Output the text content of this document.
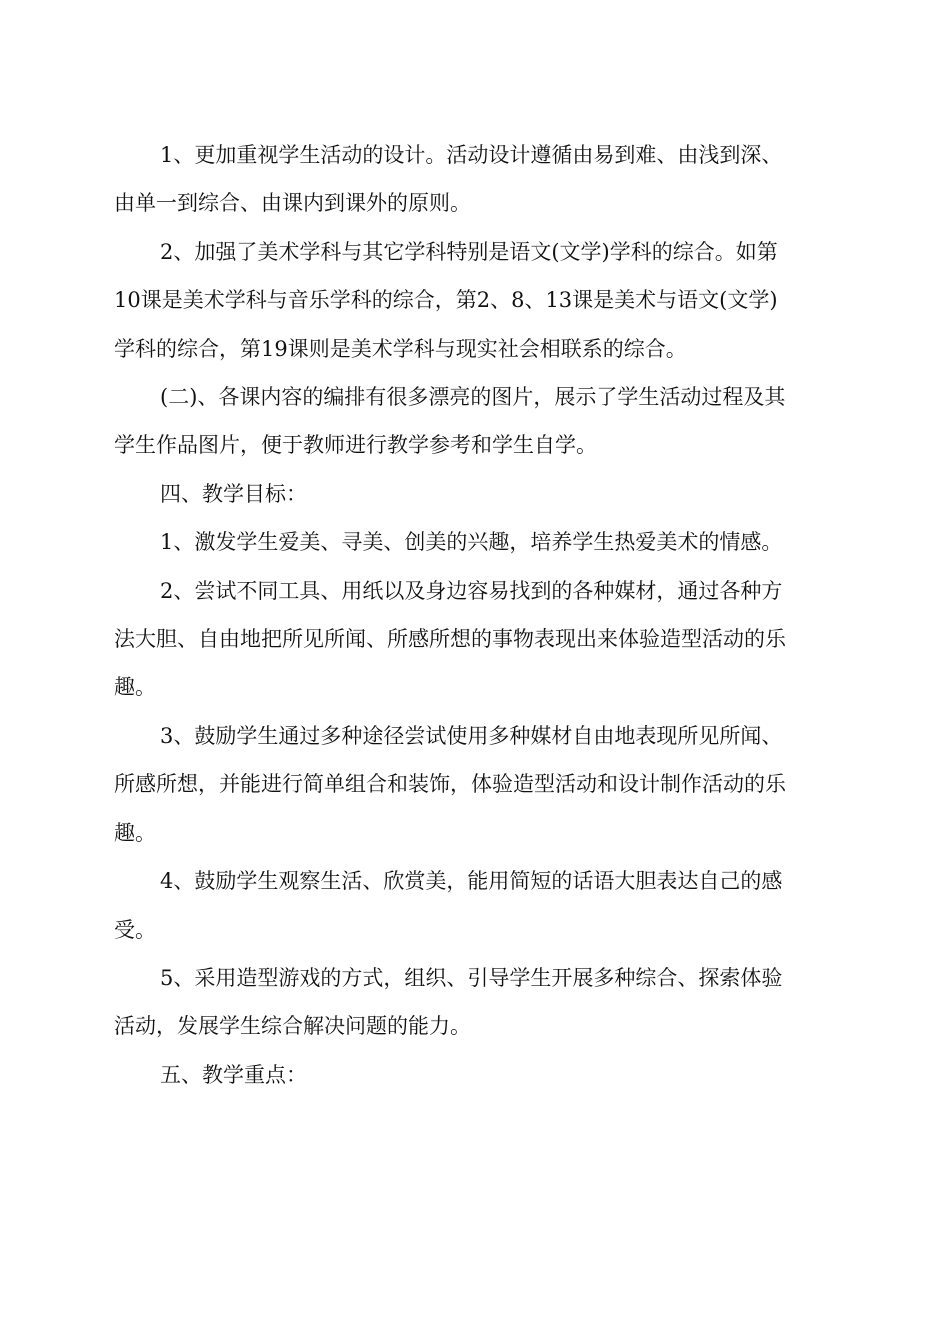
1、更加重视学生活动的设计。活动设计遵循由易到难、由浅到深、
由单一到综合、由课内到课外的原则。

2、加强了美术学科与其它学科特别是语文(文学)学科的综合。如第
10课是美术学科与音乐学科的综合，第2、8、13课是美术与语文(文学)
学科的综合，第19课则是美术学科与现实社会相联系的综合。

(二)、各课内容的编排有很多漂亮的图片，展示了学生活动过程及其
学生作品图片，便于教师进行教学参考和学生自学。

四、教学目标：

1、激发学生爱美、寻美、创美的兴趣，培养学生热爱美术的情感。

2、尝试不同工具、用纸以及身边容易找到的各种媒材，通过各种方
法大胆、自由地把所见所闻、所感所想的事物表现出来体验造型活动的乐
趣。

3、鼓励学生通过多种途径尝试使用多种媒材自由地表现所见所闻、
所感所想，并能进行简单组合和装饰，体验造型活动和设计制作活动的乐
趣。

4、鼓励学生观察生活、欣赏美，能用简短的话语大胆表达自己的感
受。

5、采用造型游戏的方式，组织、引导学生开展多种综合、探索体验
活动，发展学生综合解决问题的能力。

五、教学重点：
